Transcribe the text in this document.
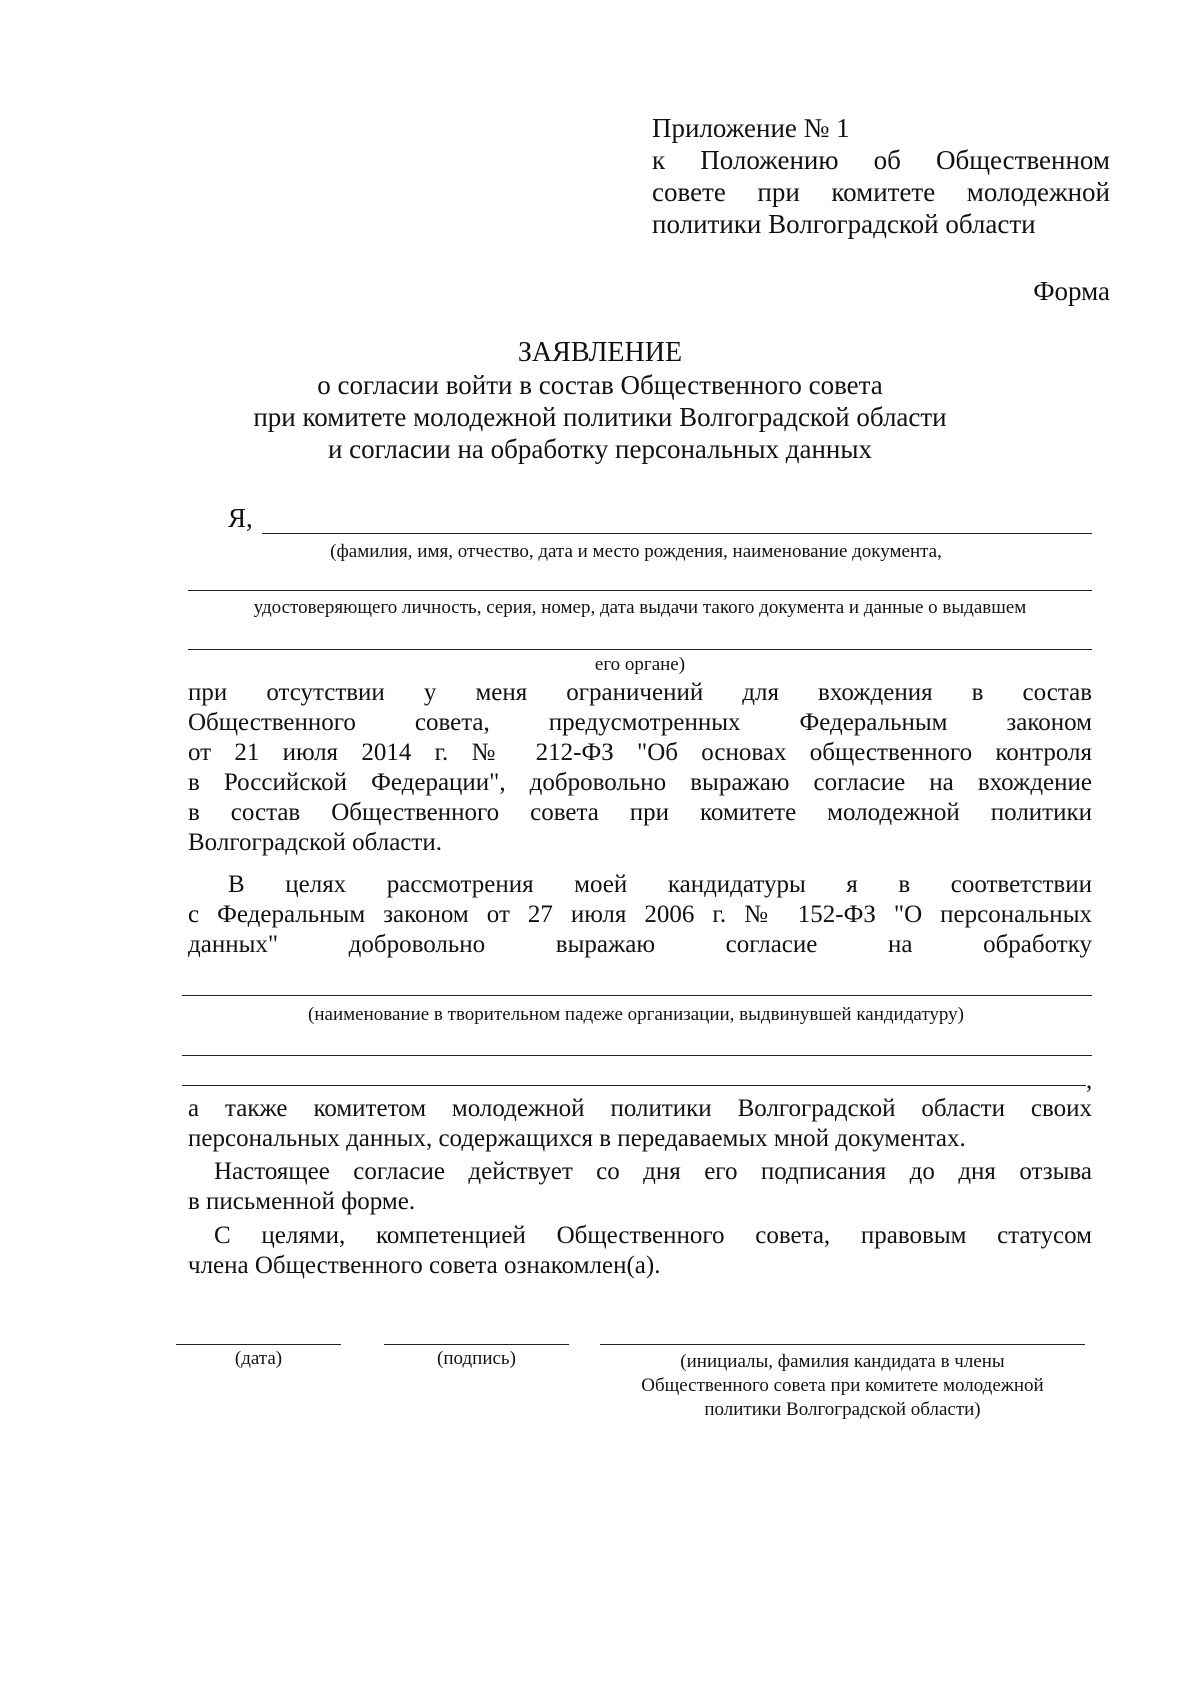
Приложение № 1
к Положению об Общественном
совете при комитете молодежной
политики Волгоградской области
Форма
ЗАЯВЛЕНИЕ
о согласии войти в состав Общественного совета
при комитете молодежной политики Волгоградской области
и согласии на обработку персональных данных
Я,
(фамилия, имя, отчество, дата и место рождения, наименование документа,
удостоверяющего личность, серия, номер, дата выдачи такого документа и данные о выдавшем
его органе)
при отсутствии у меня ограничений для вхождения в состав
Общественного совета, предусмотренных Федеральным законом
от 21 июля 2014 г. № 212-ФЗ "Об основах общественного контроля
в Российской Федерации", добровольно выражаю согласие на вхождение
в состав Общественного совета при комитете молодежной политики
Волгоградской области.
В целях рассмотрения моей кандидатуры я в соответствии
с Федеральным законом от 27 июля 2006 г. № 152-ФЗ "О персональных
данных" добровольно выражаю согласие на обработку
(наименование в творительном падеже организации, выдвинувшей кандидатуру)
,
а также комитетом молодежной политики Волгоградской области своих
персональных данных, содержащихся в передаваемых мной документах.
Настоящее согласие действует со дня его подписания до дня отзыва
в письменной форме.
С целями, компетенцией Общественного совета, правовым статусом
члена Общественного совета ознакомлен(а).
(дата)	(подпись)	(инициалы, фамилия кандидата в члены
Общественного совета при комитете молодежной
политики Волгоградской области)
